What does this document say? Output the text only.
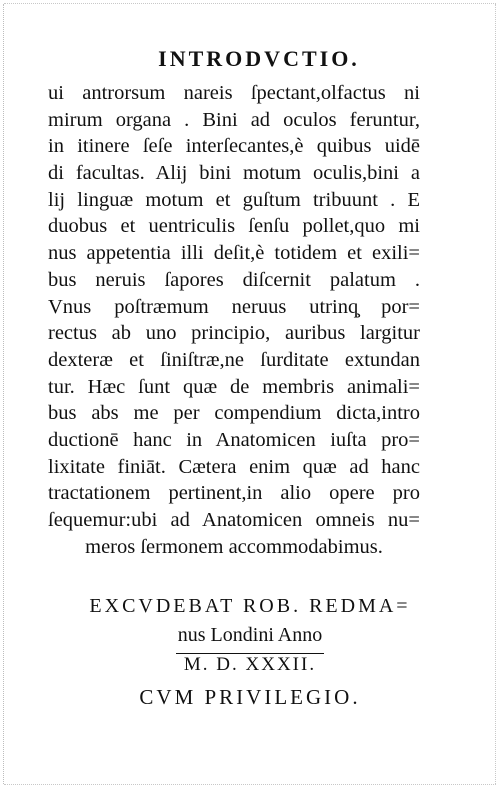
INTRODVCTIO.
ui antrorsum nareis ſpectant,olfactus ni
mirum organa . Bini ad oculos feruntur,
in itinere ſeſe interſecantes,è quibus uidē
di facultas. Alij bini motum oculis,bini a
lij linguæ motum et guſtum tribuunt . E
duobus et uentriculis ſenſu pollet,quo mi
nus appetentia illi deſit,è totidem et exili=
bus neruis ſapores diſcernit palatum .
Vnus poſtræmum neruus utrinq̧ por=
rectus ab uno principio, auribus largitur
dexteræ et ſiniſtræ,ne ſurditate extundan
tur. Hæc ſunt quæ de membris animali=
bus abs me per compendium dicta,intro
ductionē hanc in Anatomicen iuſta pro=
lixitate finiāt. Cætera enim quæ ad hanc
tractationem pertinent,in alio opere pro
ſequemur:ubi ad Anatomicen omneis nu=
meros ſermonem accommodabimus.
EXCVDEBAT ROB. REDMA=
nus Londini Anno
M. D. XXXII.
CVM PRIVILEGIO.
